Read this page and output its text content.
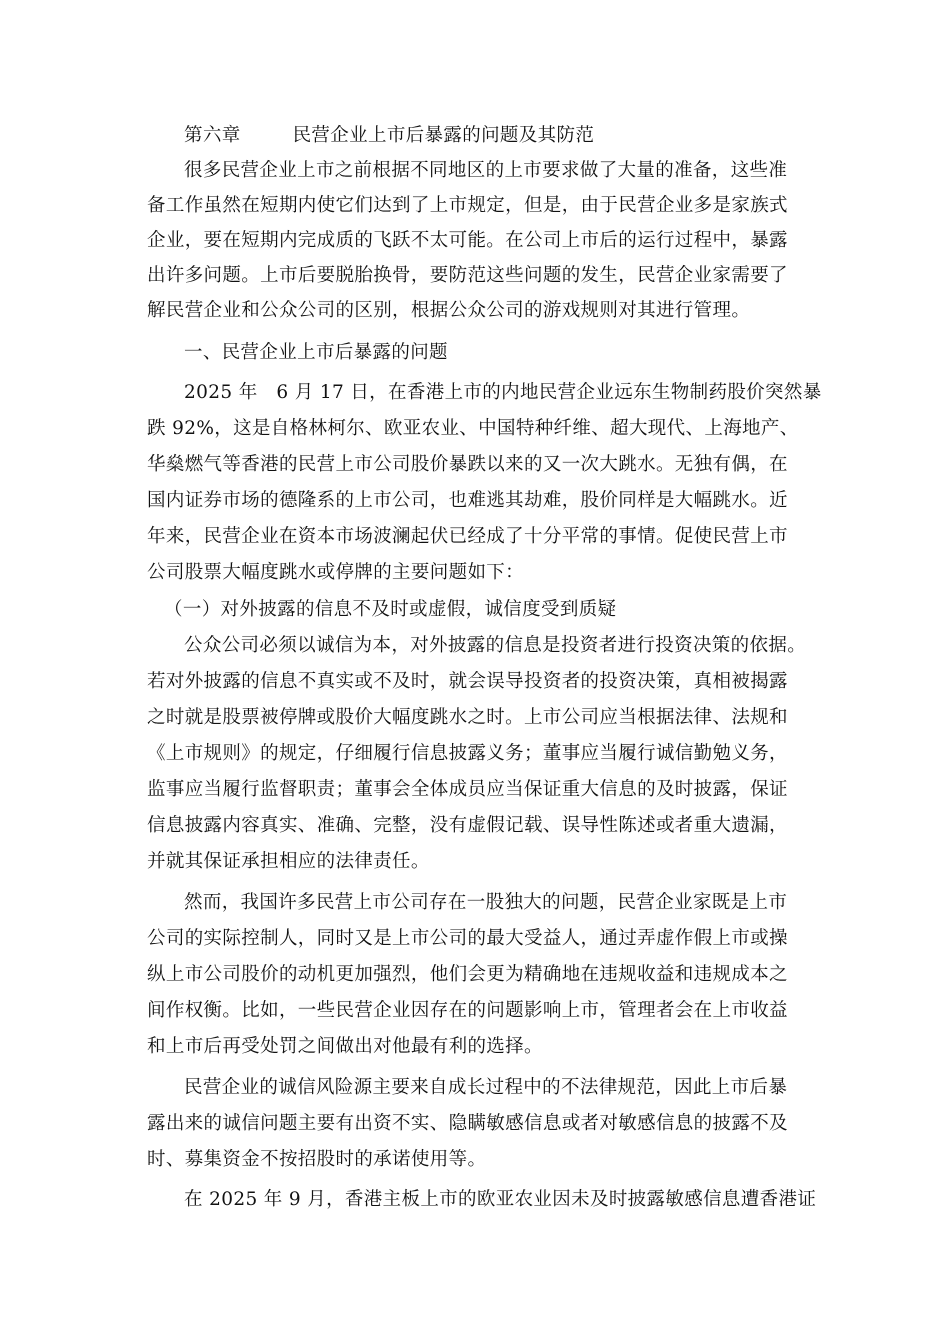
第六章	民营企业上市后暴露的问题及其防范

很多民营企业上市之前根据不同地区的上市要求做了大量的准备，这些准

备工作虽然在短期内使它们达到了上市规定，但是，由于民营企业多是家族式

企业，要在短期内完成质的飞跃不太可能。在公司上市后的运行过程中，暴露

出许多问题。上市后要脱胎换骨，要防范这些问题的发生，民营企业家需要了

解民营企业和公众公司的区别，根据公众公司的游戏规则对其进行管理。

一、民营企业上市后暴露的问题

2025 年　6 月 17 日，在香港上市的内地民营企业远东生物制药股价突然暴

跌 92%，这是自格林柯尔、欧亚农业、中国特种纤维、超大现代、上海地产、

华燊燃气等香港的民营上市公司股价暴跌以来的又一次大跳水。无独有偶，在

国内证券市场的德隆系的上市公司，也难逃其劫难，股价同样是大幅跳水。近

年来，民营企业在资本市场波澜起伏已经成了十分平常的事情。促使民营上市

公司股票大幅度跳水或停牌的主要问题如下：

（一）对外披露的信息不及时或虚假，诚信度受到质疑

公众公司必须以诚信为本，对外披露的信息是投资者进行投资决策的依据。

若对外披露的信息不真实或不及时，就会误导投资者的投资决策，真相被揭露

之时就是股票被停牌或股价大幅度跳水之时。上市公司应当根据法律、法规和

《上市规则》的规定，仔细履行信息披露义务；董事应当履行诚信勤勉义务，

监事应当履行监督职责；董事会全体成员应当保证重大信息的及时披露，保证

信息披露内容真实、准确、完整，没有虚假记载、误导性陈述或者重大遗漏，

并就其保证承担相应的法律责任。

然而，我国许多民营上市公司存在一股独大的问题，民营企业家既是上市

公司的实际控制人，同时又是上市公司的最大受益人，通过弄虚作假上市或操

纵上市公司股价的动机更加强烈，他们会更为精确地在违规收益和违规成本之

间作权衡。比如，一些民营企业因存在的问题影响上市，管理者会在上市收益

和上市后再受处罚之间做出对他最有利的选择。

民营企业的诚信风险源主要来自成长过程中的不法律规范，因此上市后暴

露出来的诚信问题主要有出资不实、隐瞒敏感信息或者对敏感信息的披露不及

时、募集资金不按招股时的承诺使用等。

在 2025 年 9 月，香港主板上市的欧亚农业因未及时披露敏感信息遭香港证
